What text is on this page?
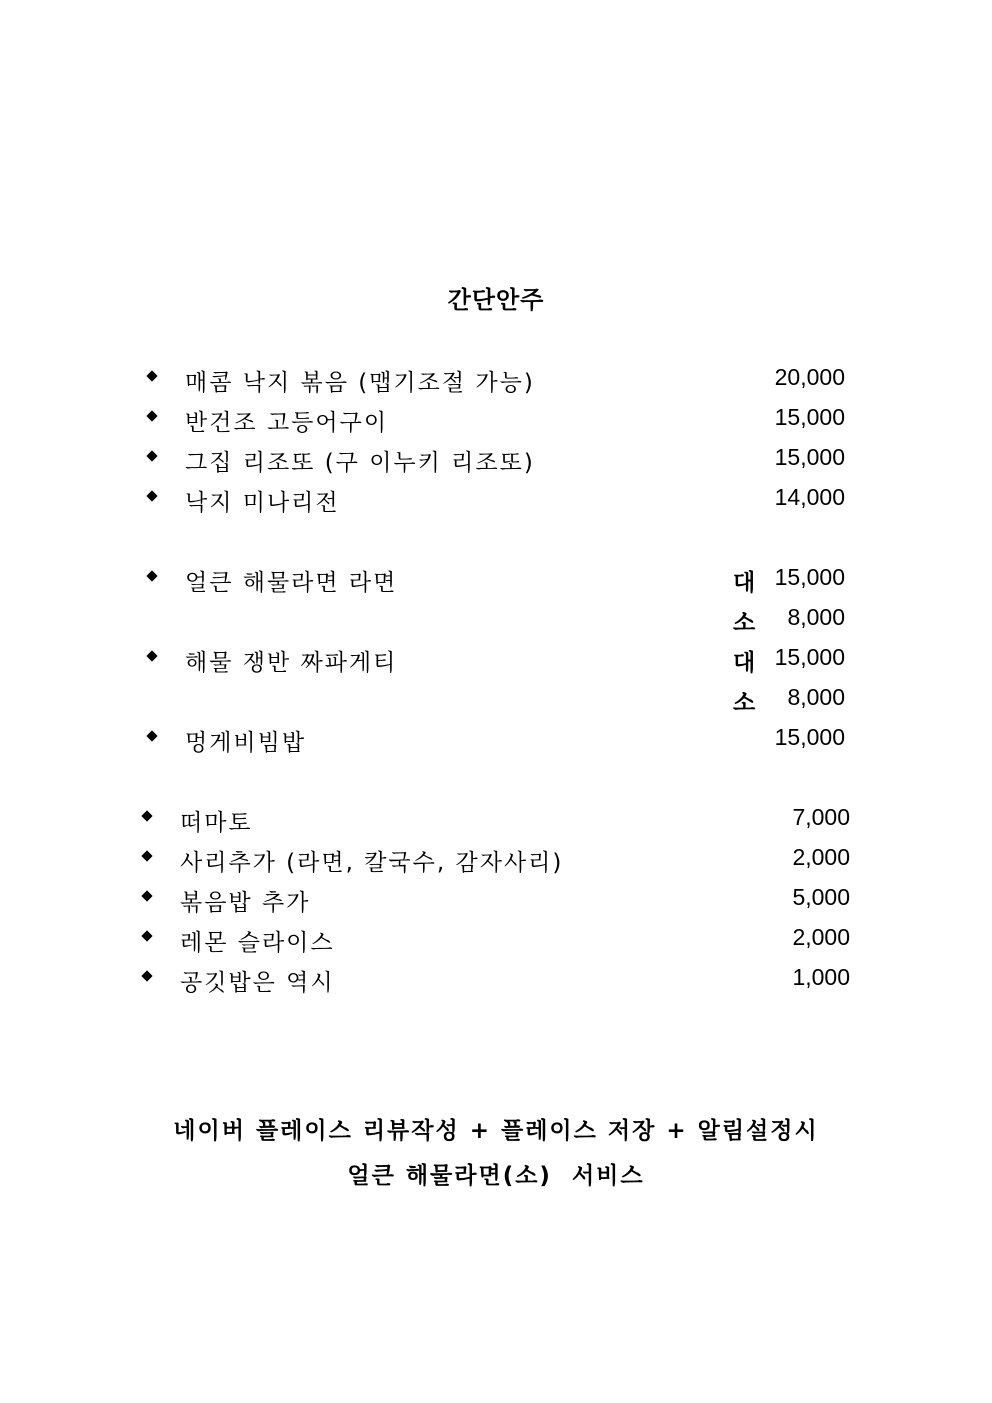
간단안주
매콤 낙지 볶음 (맵기조절 가능)	20,000
반건조 고등어구이	15,000
그집 리조또 (구 이누키 리조또)	15,000
낙지 미나리전	14,000
얼큰 해물라면 라면	대 15,000
소	8,000
해물 쟁반 짜파게티	대 15,000
소	8,000
멍게비빔밥	15,000
떠마토	7,000
사리추가 (라면, 칼국수, 감자사리)	2,000
볶음밥 추가	5,000
레몬 슬라이스	2,000
공깃밥은 역시	1,000
네이버 플레이스 리뷰작성 + 플레이스 저장 + 알림설정시
얼큰 해물라면(소)  서비스
